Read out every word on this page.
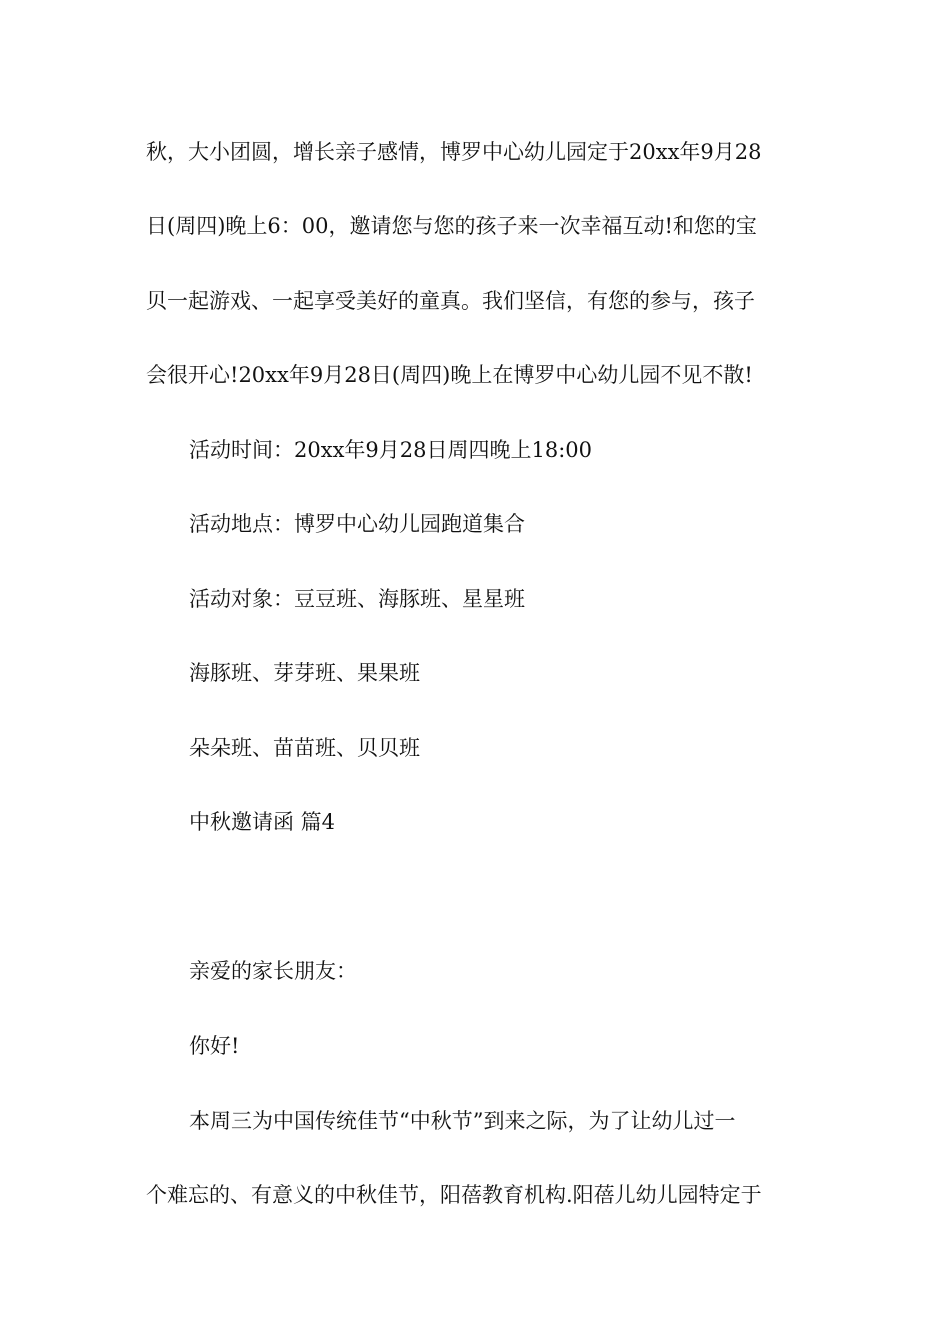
秋，大小团圆，增长亲子感情，博罗中心幼儿园定于20xx年9月28
日(周四)晚上6：00，邀请您与您的孩子来一次幸福互动!和您的宝
贝一起游戏、一起享受美好的童真。我们坚信，有您的参与，孩子
会很开心!20xx年9月28日(周四)晚上在博罗中心幼儿园不见不散!
活动时间：20xx年9月28日周四晚上18:00
活动地点：博罗中心幼儿园跑道集合
活动对象：豆豆班、海豚班、星星班
海豚班、芽芽班、果果班
朵朵班、苗苗班、贝贝班
中秋邀请函 篇4
亲爱的家长朋友：
你好!
本周三为中国传统佳节“中秋节”到来之际，为了让幼儿过一
个难忘的、有意义的中秋佳节，阳蓓教育机构.阳蓓儿幼儿园特定于
